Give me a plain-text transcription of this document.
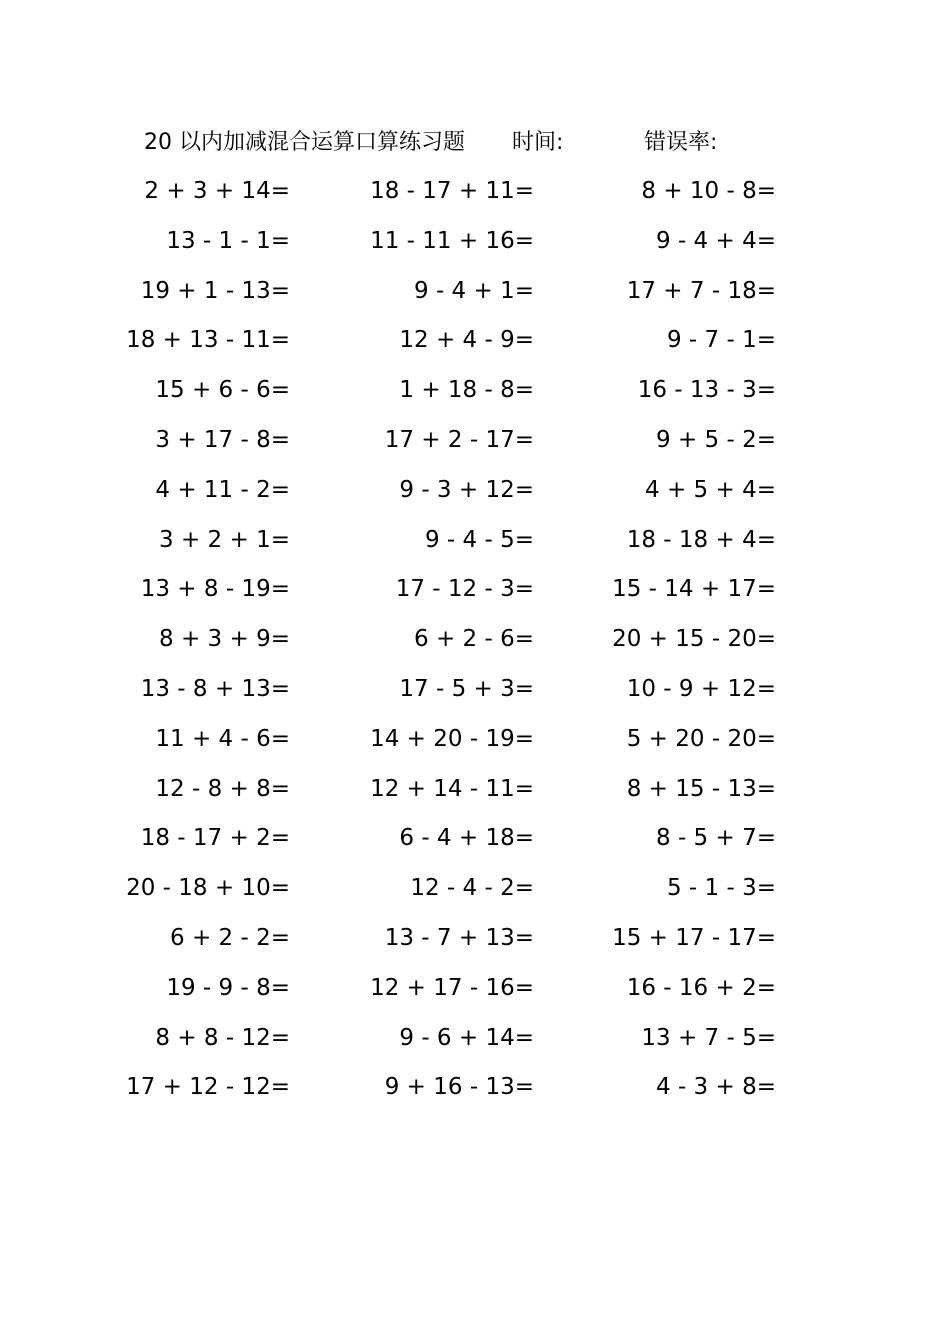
20 以内加减混合运算口算练习题 时间:	错误率:
2 + 3 + 14=	18 - 17 + 11=	8 + 10 - 8=
13 - 1 - 1=	11 - 11 + 16=	9 - 4 + 4=
19 + 1 - 13=	9 - 4 + 1=	17 + 7 - 18=
18 + 13 - 11=	12 + 4 - 9=	9 - 7 - 1=
15 + 6 - 6=	1 + 18 - 8=	16 - 13 - 3=
3 + 17 - 8=	17 + 2 - 17=	9 + 5 - 2=
4 + 11 - 2=	9 - 3 + 12=	4 + 5 + 4=
3 + 2 + 1=	9 - 4 - 5=	18 - 18 + 4=
13 + 8 - 19=	17 - 12 - 3=	15 - 14 + 17=
8 + 3 + 9=	6 + 2 - 6=	20 + 15 - 20=
13 - 8 + 13=	17 - 5 + 3=	10 - 9 + 12=
11 + 4 - 6=	14 + 20 - 19=	5 + 20 - 20=
12 - 8 + 8=	12 + 14 - 11=	8 + 15 - 13=
18 - 17 + 2=	6 - 4 + 18=	8 - 5 + 7=
20 - 18 + 10=	12 - 4 - 2=	5 - 1 - 3=
6 + 2 - 2=	13 - 7 + 13=	15 + 17 - 17=
19 - 9 - 8=	12 + 17 - 16=	16 - 16 + 2=
8 + 8 - 12=	9 - 6 + 14=	13 + 7 - 5=
17 + 12 - 12=	9 + 16 - 13=	4 - 3 + 8=
